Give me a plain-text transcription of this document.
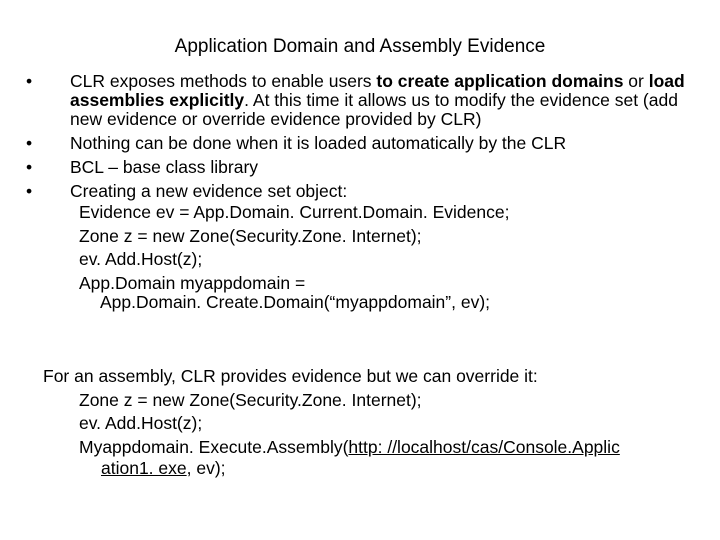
Application Domain and Assembly Evidence
•	CLR exposes methods to enable users to create application domains or load assemblies explicitly. At this time it allows us to modify the evidence set (add new evidence or override evidence provided by CLR)
•	Nothing can be done when it is loaded automatically by the CLR
•	BCL – base class library
•	Creating a new evidence set object:
Evidence ev = App.Domain. Current.Domain. Evidence;
Zone z = new Zone(Security.Zone. Internet);
ev. Add.Host(z);
App.Domain myappdomain =
App.Domain. Create.Domain(“myappdomain”, ev);
For an assembly, CLR provides evidence but we can override it:
Zone z = new Zone(Security.Zone. Internet);
ev. Add.Host(z);
Myappdomain. Execute.Assembly(http: //localhost/cas/Console.Applic
ation1. exe, ev);
